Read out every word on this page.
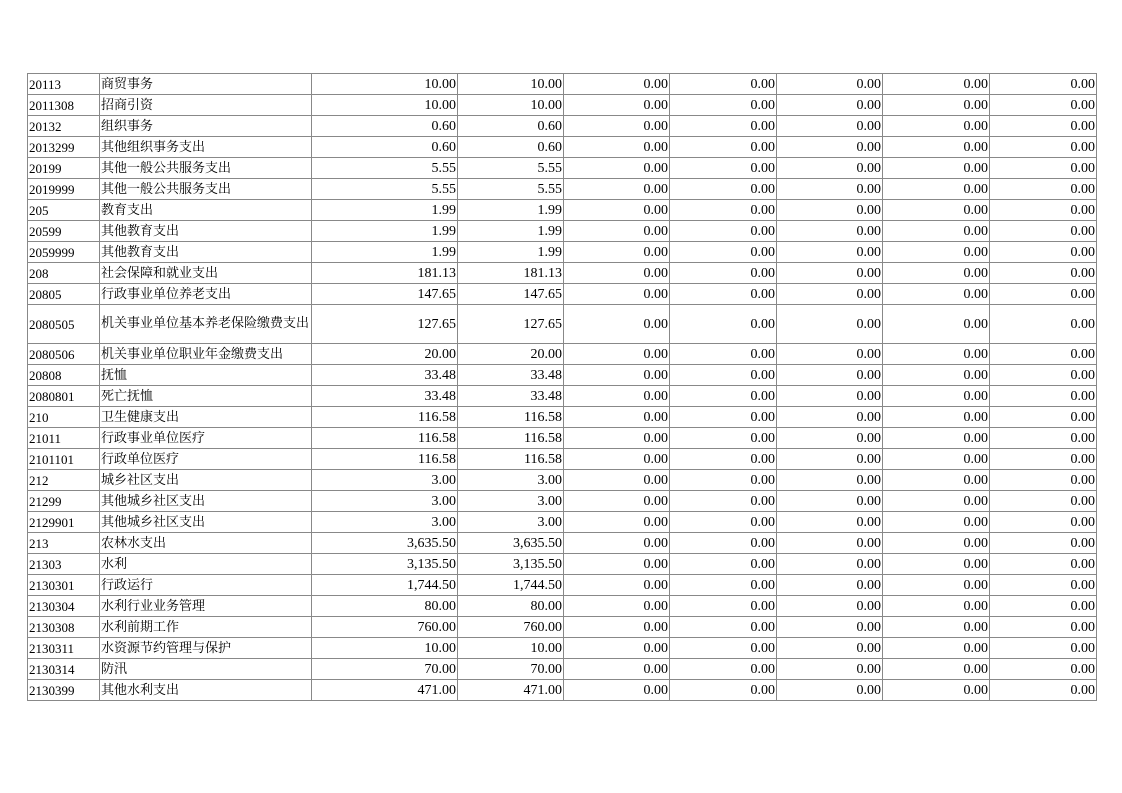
20113	商贸事务	10.00	10.00	0.00	0.00	0.00	0.00	0.00
2011308	招商引资	10.00	10.00	0.00	0.00	0.00	0.00	0.00
20132	组织事务	0.60	0.60	0.00	0.00	0.00	0.00	0.00
2013299	其他组织事务支出	0.60	0.60	0.00	0.00	0.00	0.00	0.00
20199	其他一般公共服务支出	5.55	5.55	0.00	0.00	0.00	0.00	0.00
2019999	其他一般公共服务支出	5.55	5.55	0.00	0.00	0.00	0.00	0.00
205	教育支出	1.99	1.99	0.00	0.00	0.00	0.00	0.00
20599	其他教育支出	1.99	1.99	0.00	0.00	0.00	0.00	0.00
2059999	其他教育支出	1.99	1.99	0.00	0.00	0.00	0.00	0.00
208	社会保障和就业支出	181.13	181.13	0.00	0.00	0.00	0.00	0.00
20805	行政事业单位养老支出	147.65	147.65	0.00	0.00	0.00	0.00	0.00
2080505	机关事业单位基本养老保险缴费支出	127.65	127.65	0.00	0.00	0.00	0.00	0.00
2080506	机关事业单位职业年金缴费支出	20.00	20.00	0.00	0.00	0.00	0.00	0.00
20808	抚恤	33.48	33.48	0.00	0.00	0.00	0.00	0.00
2080801	死亡抚恤	33.48	33.48	0.00	0.00	0.00	0.00	0.00
210	卫生健康支出	116.58	116.58	0.00	0.00	0.00	0.00	0.00
21011	行政事业单位医疗	116.58	116.58	0.00	0.00	0.00	0.00	0.00
2101101	行政单位医疗	116.58	116.58	0.00	0.00	0.00	0.00	0.00
212	城乡社区支出	3.00	3.00	0.00	0.00	0.00	0.00	0.00
21299	其他城乡社区支出	3.00	3.00	0.00	0.00	0.00	0.00	0.00
2129901	其他城乡社区支出	3.00	3.00	0.00	0.00	0.00	0.00	0.00
213	农林水支出	3,635.50	3,635.50	0.00	0.00	0.00	0.00	0.00
21303	水利	3,135.50	3,135.50	0.00	0.00	0.00	0.00	0.00
2130301	行政运行	1,744.50	1,744.50	0.00	0.00	0.00	0.00	0.00
2130304	水利行业业务管理	80.00	80.00	0.00	0.00	0.00	0.00	0.00
2130308	水利前期工作	760.00	760.00	0.00	0.00	0.00	0.00	0.00
2130311	水资源节约管理与保护	10.00	10.00	0.00	0.00	0.00	0.00	0.00
2130314	防汛	70.00	70.00	0.00	0.00	0.00	0.00	0.00
2130399	其他水利支出	471.00	471.00	0.00	0.00	0.00	0.00	0.00
